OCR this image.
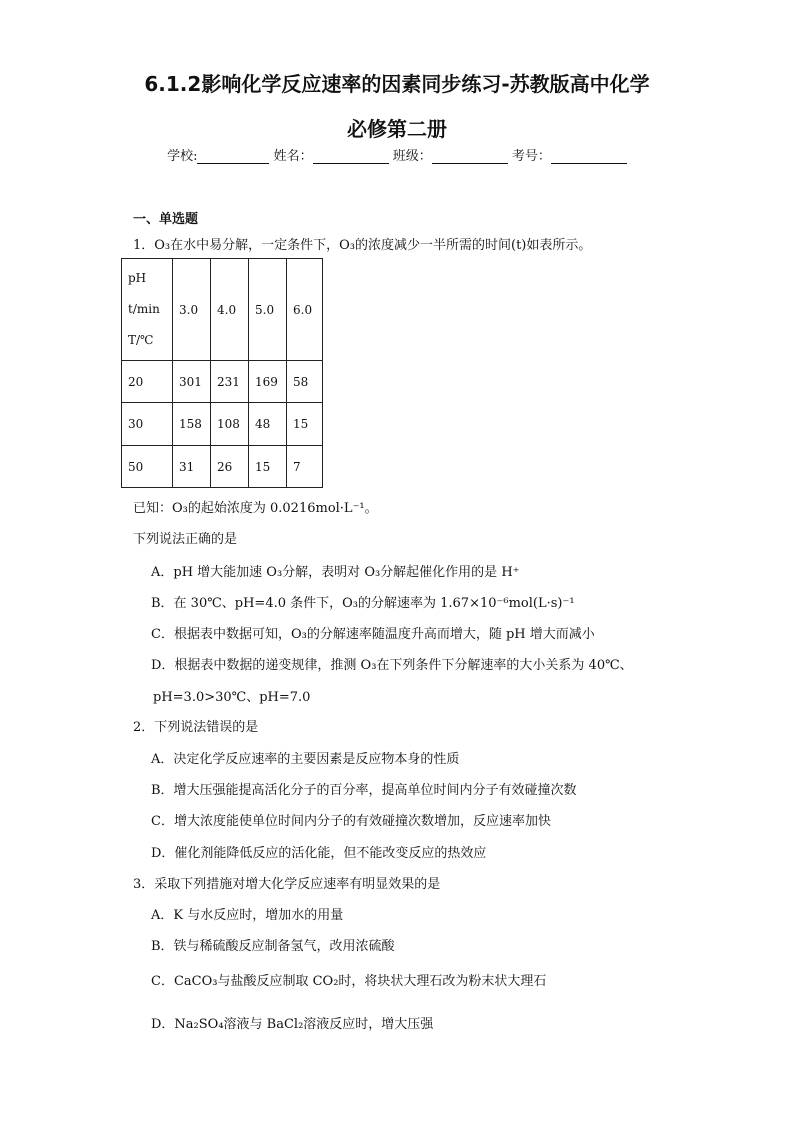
6.1.2影响化学反应速率的因素同步练习-苏教版高中化学
必修第二册
学校:	姓名：	班级：	考号：
一、单选题
1．O₃在水中易分解，一定条件下，O₃的浓度减少一半所需的时间(t)如表所示。
pH
t/min
T/℃	3.0	4.0	5.0	6.0
20	301	231	169	58
30	158	108	48	15
50	31	26	15	7
已知：O₃的起始浓度为 0.0216mol·L⁻¹。
下列说法正确的是
A．pH 增大能加速 O₃分解，表明对 O₃分解起催化作用的是 H⁺
B．在 30℃、pH=4.0 条件下，O₃的分解速率为 1.67×10⁻⁶mol(L·s)⁻¹
C．根据表中数据可知，O₃的分解速率随温度升高而增大，随 pH 增大而减小
D．根据表中数据的递变规律，推测 O₃在下列条件下分解速率的大小关系为 40℃、
pH=3.0>30℃、pH=7.0
2．下列说法错误的是
A．决定化学反应速率的主要因素是反应物本身的性质
B．增大压强能提高活化分子的百分率，提高单位时间内分子有效碰撞次数
C．增大浓度能使单位时间内分子的有效碰撞次数增加，反应速率加快
D．催化剂能降低反应的活化能，但不能改变反应的热效应
3．采取下列措施对增大化学反应速率有明显效果的是
A．K 与水反应时，增加水的用量
B．铁与稀硫酸反应制备氢气，改用浓硫酸
C．CaCO₃与盐酸反应制取 CO₂时，将块状大理石改为粉末状大理石
D．Na₂SO₄溶液与 BaCl₂溶液反应时，增大压强
